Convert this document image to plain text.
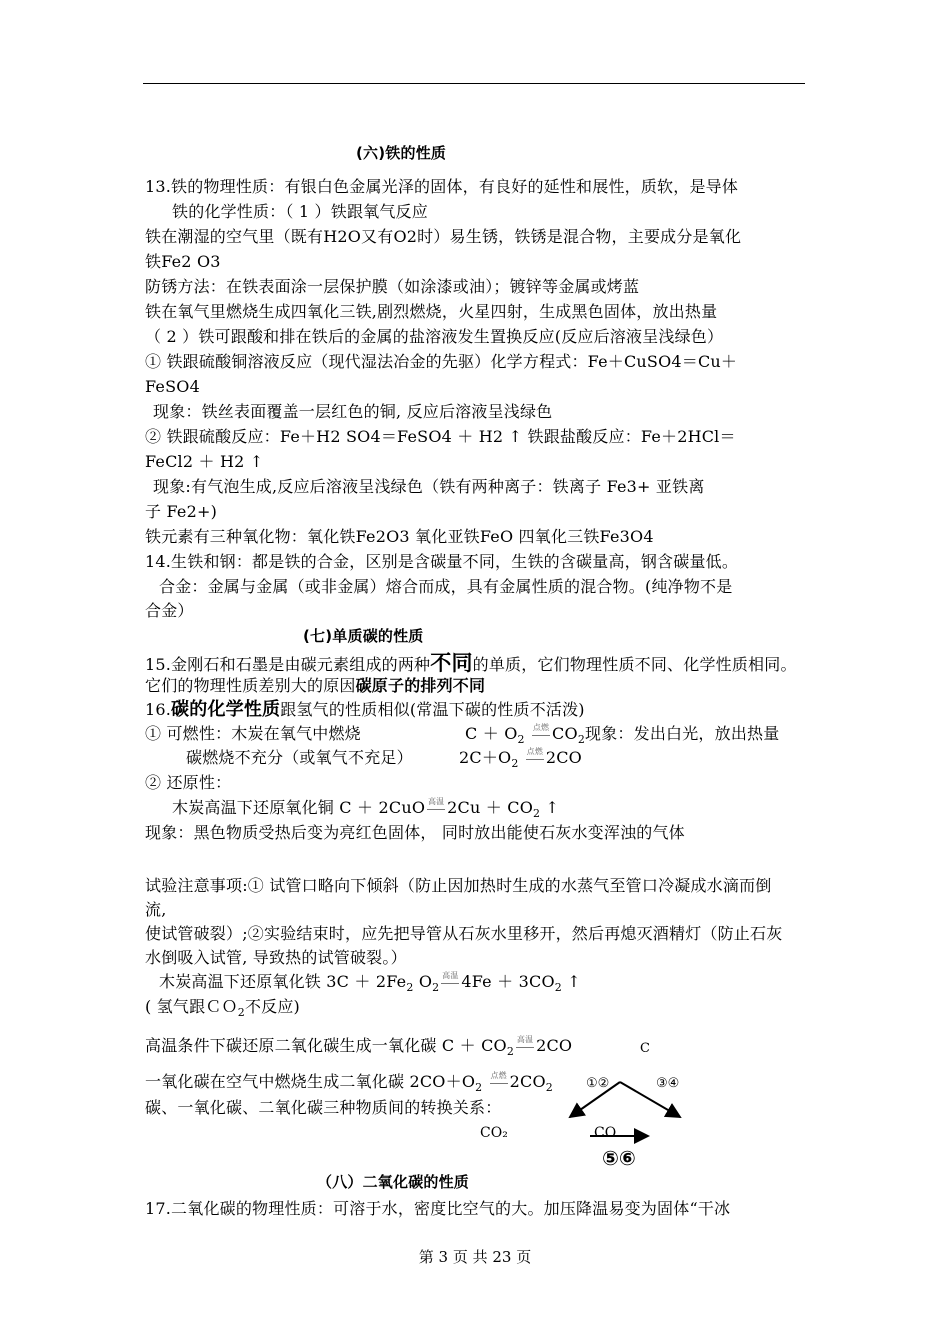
(六)铁的性质
13.铁的物理性质：有银白色金属光泽的固体，有良好的延性和展性，质软，是导体
铁的化学性质：（ 1 ）铁跟氧气反应
铁在潮湿的空气里（既有H2O又有O2时）易生锈，铁锈是混合物，主要成分是氧化
铁Fe2 O3
防锈方法：在铁表面涂一层保护膜（如涂漆或油）；镀锌等金属或烤蓝
铁在氧气里燃烧生成四氧化三铁,剧烈燃烧，火星四射，生成黑色固体，放出热量
（ 2 ）铁可跟酸和排在铁后的金属的盐溶液发生置换反应(反应后溶液呈浅绿色）
① 铁跟硫酸铜溶液反应（现代湿法冶金的先驱）化学方程式：Fe＋CuSO4＝Cu＋
FeSO4
现象：铁丝表面覆盖一层红色的铜, 反应后溶液呈浅绿色
② 铁跟硫酸反应：Fe＋H2 SO4＝FeSO4 ＋ H2 ↑ 铁跟盐酸反应：Fe＋2HCl＝
FeCl2 ＋ H2 ↑
现象:有气泡生成,反应后溶液呈浅绿色（铁有两种离子：铁离子 Fe3+ 亚铁离
子 Fe2+)
铁元素有三种氧化物：氧化铁Fe2O3 氧化亚铁FeO 四氧化三铁Fe3O4
14.生铁和钢：都是铁的合金，区别是含碳量不同，生铁的含碳量高，钢含碳量低。
合金：金属与金属（或非金属）熔合而成，具有金属性质的混合物。(纯净物不是
合金）
(七)单质碳的性质
15.金刚石和石墨是由碳元素组成的两种不同的单质，它们物理性质不同、化学性质相同。
它们的物理性质差别大的原因碳原子的排列不同
16.碳的化学性质跟氢气的性质相似(常温下碳的性质不活泼)
① 可燃性：木炭在氧气中燃烧	$C + O_2$ 点燃 $CO_2$现象：发出白光，放出热量
碳燃烧不充分（或氧气不充足）	$2C+O_2$ 点燃 2CO
② 还原性：
木炭高温下还原氧化铜 C ＋ 2CuO 高温 $2Cu + CO_2$ ↑
现象：黑色物质受热后变为亮红色固体， 同时放出能使石灰水变浑浊的气体
试验注意事项:① 试管口略向下倾斜（防止因加热时生成的水蒸气至管口冷凝成水滴而倒
流,
使试管破裂）;②实验结束时，应先把导管从石灰水里移开，然后再熄灭酒精灯（防止石灰
水倒吸入试管, 导致热的试管破裂。）
木炭高温下还原氧化铁 $3C + 2Fe_2$ $O_2$高温 $4Fe + 3CO_2$ ↑
( 氢气跟ＣＯ$_2$不反应)
高温条件下碳还原二氧化碳生成一氧化碳 $C + CO_2$高温 2CO
一氧化碳在空气中燃烧生成二氧化碳 $2CO+O_2$ 点燃 $2CO_2$
碳、一氧化碳、二氧化碳三种物质间的转换关系：
C
①②	③④
CO₂	CO
⑤⑥
（八）二氧化碳的性质
17.二氧化碳的物理性质：可溶于水，密度比空气的大。加压降温易变为固体“干冰
第 3 页 共 23 页
